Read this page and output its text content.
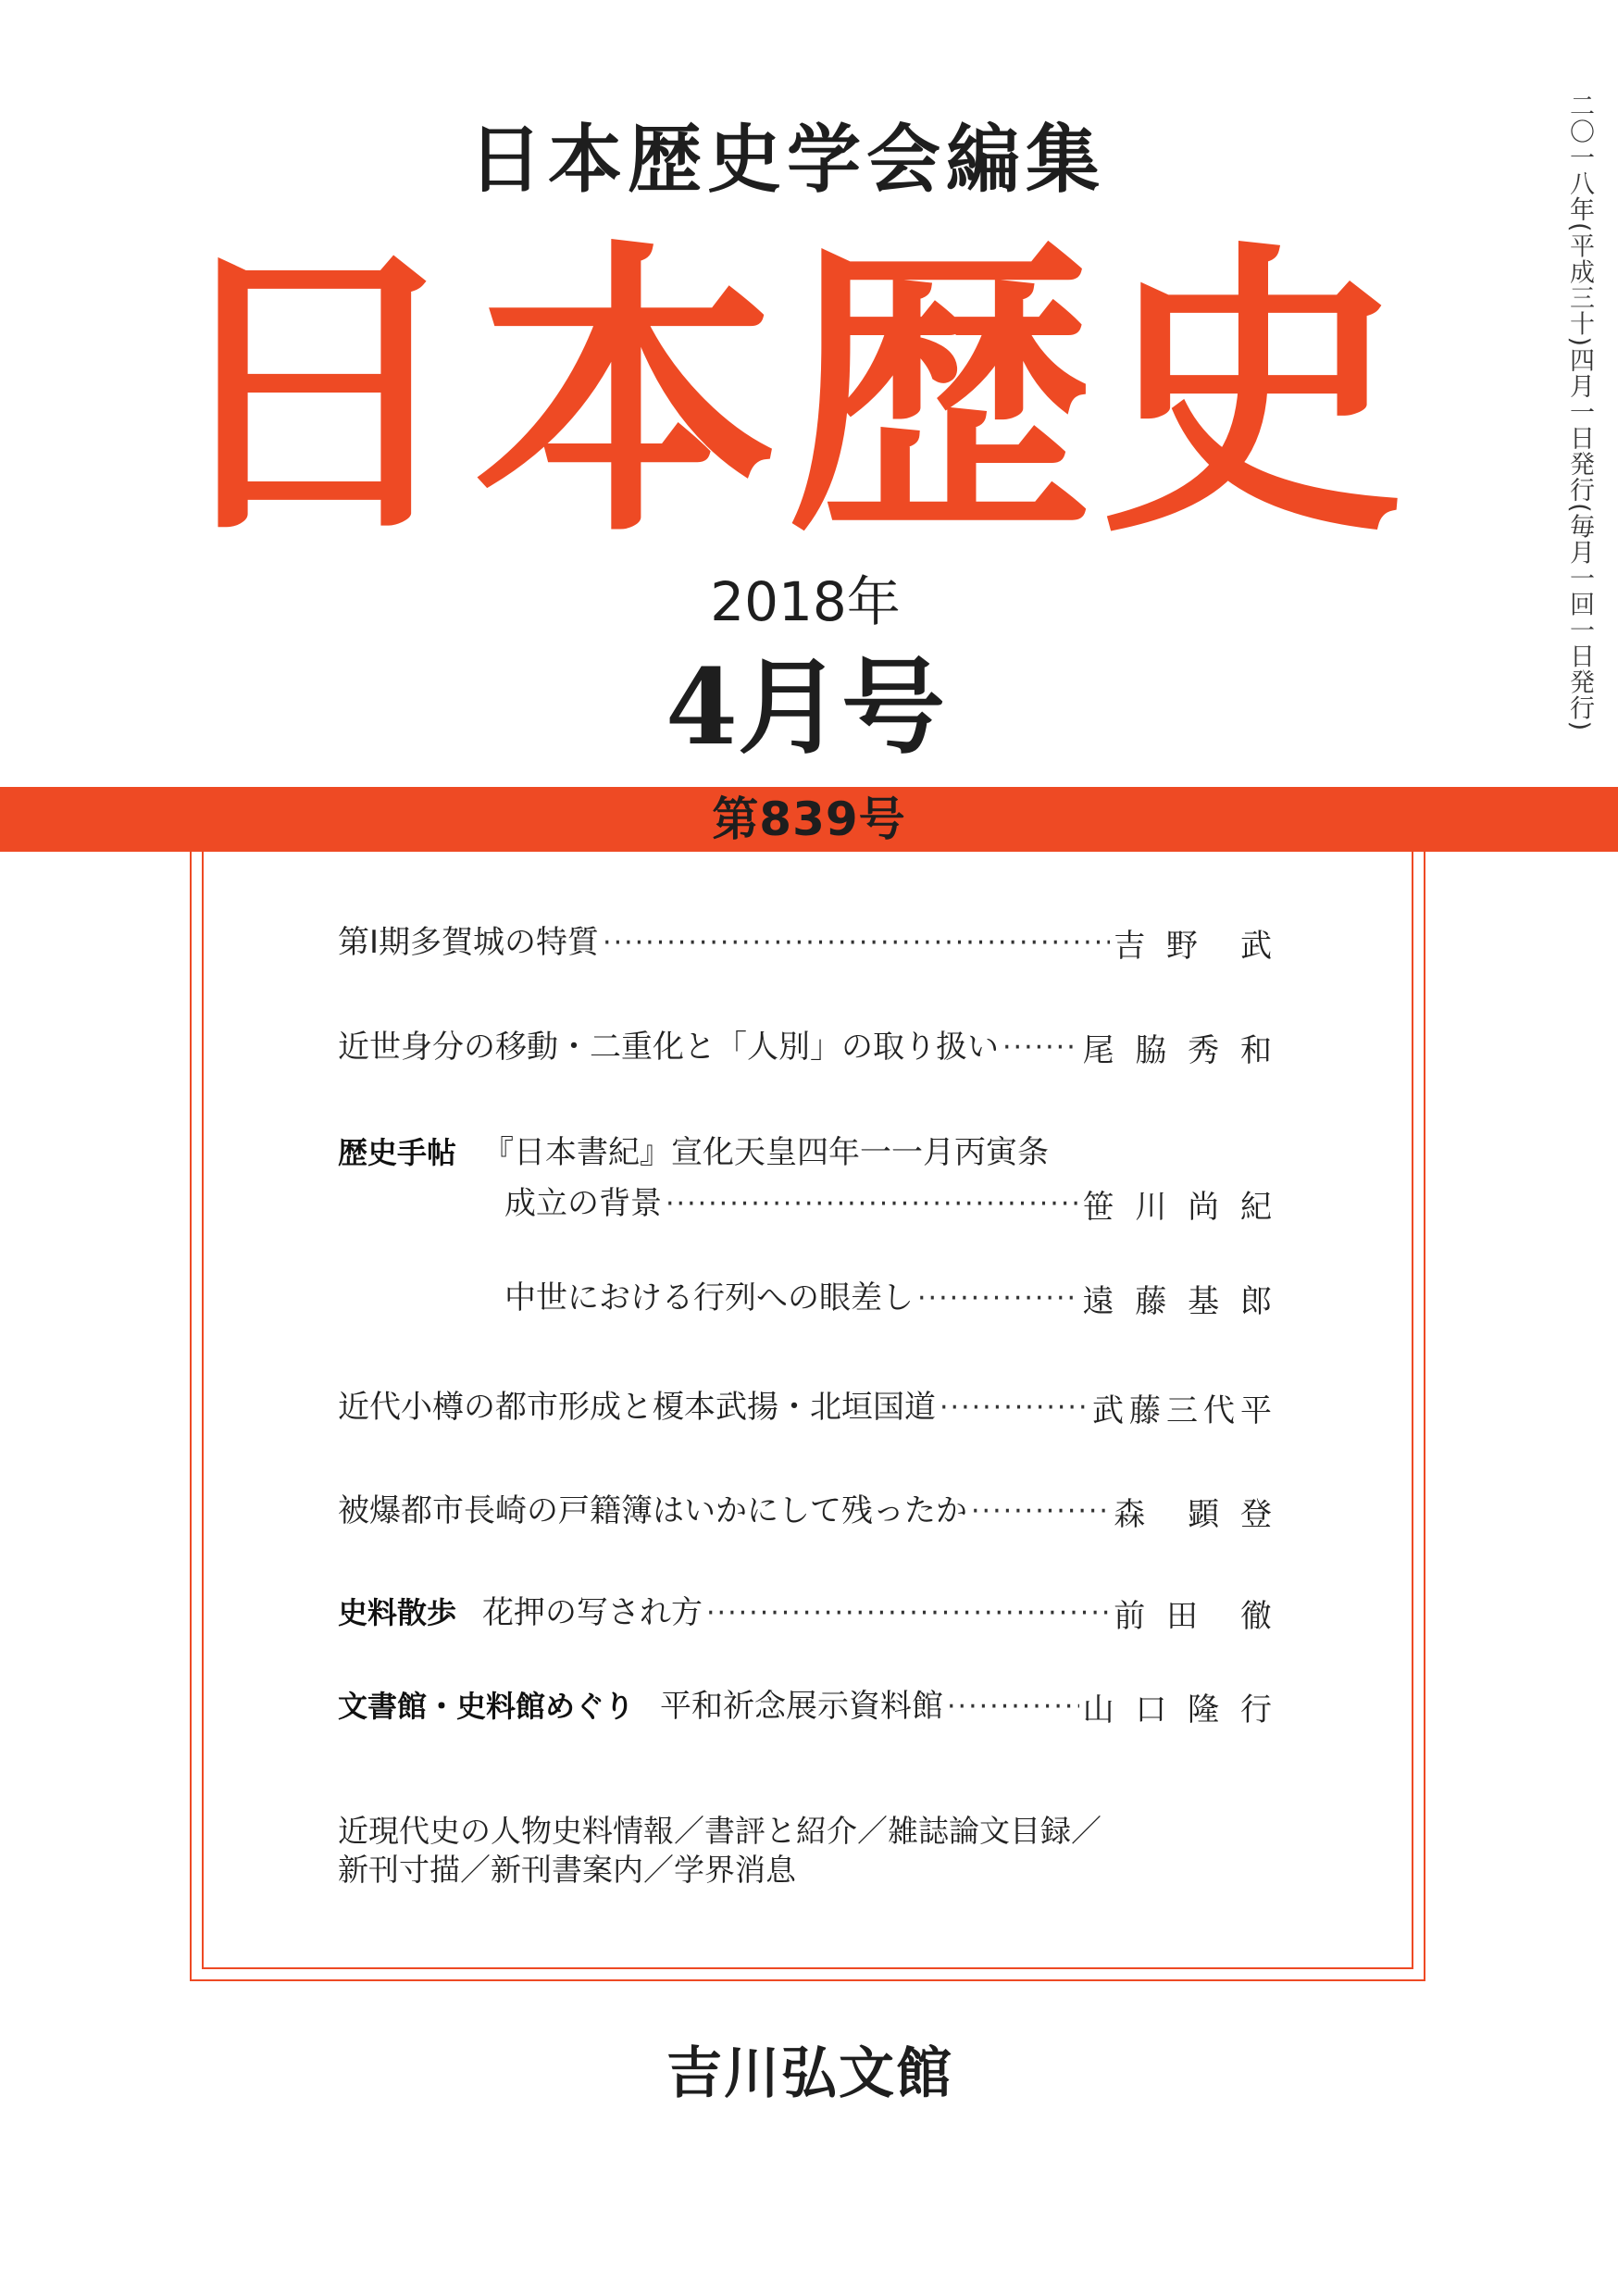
日本歴史学会編集
日本歴史
2018年
4月号	二〇一八年(平成三十)四月一日発行(毎月一回一日発行)
第839号
第Ⅰ期多賀城の特質 ·····	吉 野　武
近世身分の移動・二重化と「人別」の取り扱い ·····	尾 脇 秀 和
歴史手帖 『日本書紀』宣化天皇四年一一月丙寅条
成立の背景 ·····	笹 川 尚 紀
中世における行列への眼差し ·····	遠 藤 基 郎
近代小樽の都市形成と榎本武揚・北垣国道 ·····	武藤三代平
被爆都市長崎の戸籍簿はいかにして残ったか ·····	森　顕 登
史料散歩 花押の写され方 ·····	前 田　徹
文書館・史料館めぐり 平和祈念展示資料館 ·····	山 口 隆 行
近現代史の人物史料情報／書評と紹介／雑誌論文目録／
新刊寸描／新刊書案内／学界消息
吉川弘文館
